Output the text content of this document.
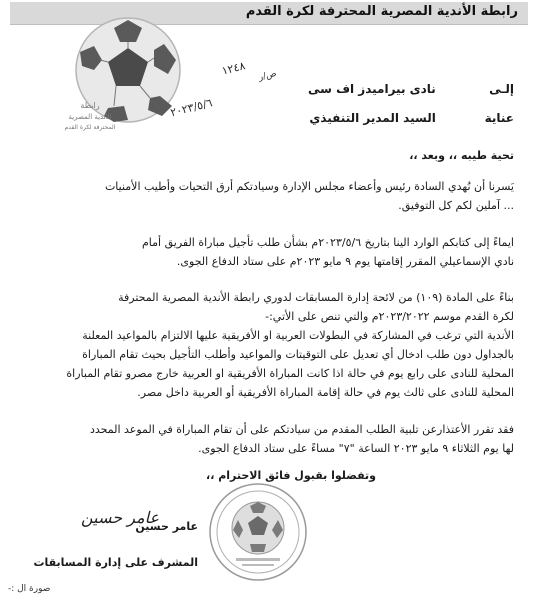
رابطة الأندية المصرية المحترفة لكرة القدم
رابطة
الأندية المصرية
المحترفة لكرة القدم
١٢٤٨ ص/ر
٢٠٢٣/٥/٦
إلـى نادى بيراميدز اف سى
عناية السيد المدير التنفيذي
تحية طيبه ،، وبعد ،،
يَسرنا أن نُهدي السادة رئيس وأعضاء مجلس الإدارة وسيادتكم أرق التحيات وأطيب الأمنيات
... آملين لكم كل التوفيق.
ايماءً إلى كتابكم الوارد الينا بتاريخ ٢٠٢٣/٥/٦م بشأن طلب تأجيل مباراة الفريق أمام
نادي الإسماعيلي المقرر إقامتها يوم ٩ مايو ٢٠٢٣م على ستاد الدفاع الجوى.
بناءً على المادة (١٠٩) من لائحة إدارة المسابقات لدوري رابطة الأندية المصرية المحترفة
لكرة القدم موسم ٢٠٢٣/٢٠٢٢م والتي تنص على الأتي:-
الأندية التي ترغب في المشاركة في البطولات العربية او الأفريقية عليها الالتزام بالمواعيد المعلنة
بالجداول دون طلب ادخال أي تعديل على التوقيتات والمواعيد وأطلب التأجيل بحيث تقام المباراة
المحلية للنادى على رابع يوم في حالة اذا كانت المباراة الأفريقية او العربية خارج مصرو تقام المباراة
المحلية للنادى على ثالث يوم في حالة إقامة المباراة الأفريقية أو العربية داخل مصر.
فقد تقرر الأعتذارعن تلبية الطلب المقدم من سيادتكم على أن تقام المباراة في الموعد المحدد
لها يوم الثلاثاء ٩ مايو ٢٠٢٣ الساعة "٧" مساءً على ستاد الدفاع الجوى.
وتفضلوا بقبول فائق الاحترام ،،
عامر حسين
عامر حسين
المشرف على إدارة المسابقات
صورة ال :-
